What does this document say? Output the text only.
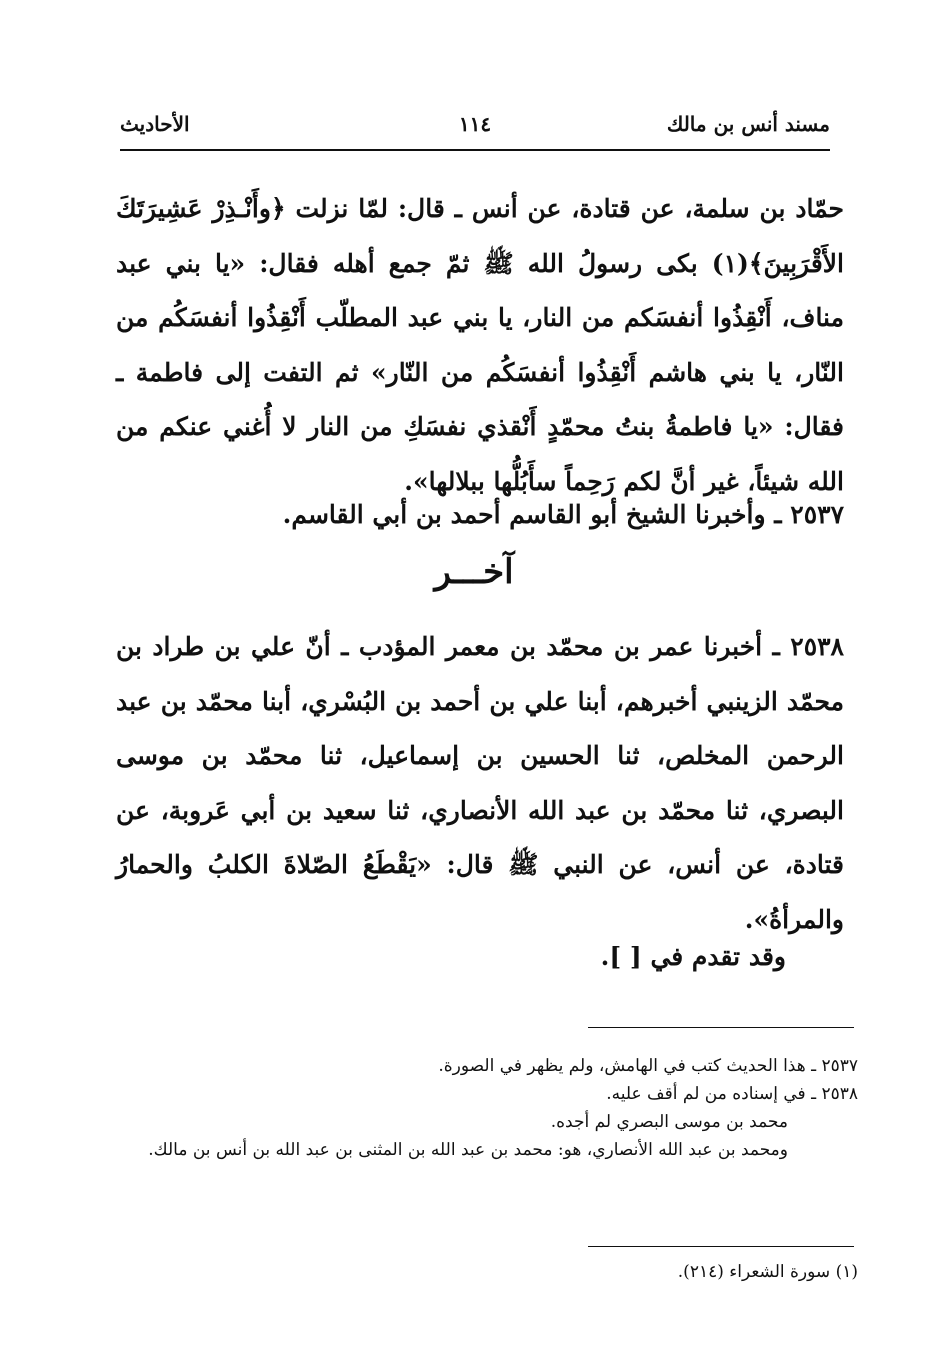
مسند أنس بن مالك
١١٤
الأحاديث
حمّاد بن سلمة، عن قتادة، عن أنس ـ قال: لمّا نزلت ﴿وأَنْـذِرْ عَشِيرَتَكَ الأَقْرَبِينَ﴾(١) بكى رسولُ الله ﷺ ثمّ جمع أهله فقال: «يا بني عبد مناف، أَنْقِذُوا أنفسَكم من النار، يا بني عبد المطلّب أَنْقِذُوا أنفسَكُم من النّار، يا بني هاشم أَنْقِذُوا أنفسَكُم من النّار» ثم التفت إلى فاطمة ـ فقال: «يا فاطمةُ بنتُ محمّدٍ أَنْقذي نفسَكِ من النار لا أُغني عنكم من الله شيئاً، غير أنَّ لكم رَحِماً سأَبُلُّها ببلالها».
٢٥٣٧ ـ وأخبرنا الشيخ أبو القاسم أحمد بن أبي القاسم.
آخـــر
٢٥٣٨ ـ أخبرنا عمر بن محمّد بن معمر المؤدب ـ أنّ علي بن طراد بن محمّد الزينبي أخبرهم، أبنا علي بن أحمد بن البُسْري، أبنا محمّد بن عبد الرحمن المخلص، ثنا الحسين بن إسماعيل، ثنا محمّد بن موسى البصري، ثنا محمّد بن عبد الله الأنصاري، ثنا سعيد بن أبي عَروبة، عن قتادة، عن أنس، عن النبي ﷺ قال: «يَقْطَعُ الصّلاةَ الكلبُ والحمارُ والمرأةُ».
وقد تقدم في [ ].

٢٥٣٧ ـ هذا الحديث كتب في الهامش، ولم يظهر في الصورة.

٢٥٣٨ ـ في إسناده من لم أقف عليه.

محمد بن موسى البصري لم أجده.

ومحمد بن عبد الله الأنصاري، هو: محمد بن عبد الله بن المثنى بن عبد الله بن أنس بن مالك.

(١) سورة الشعراء (٢١٤).
